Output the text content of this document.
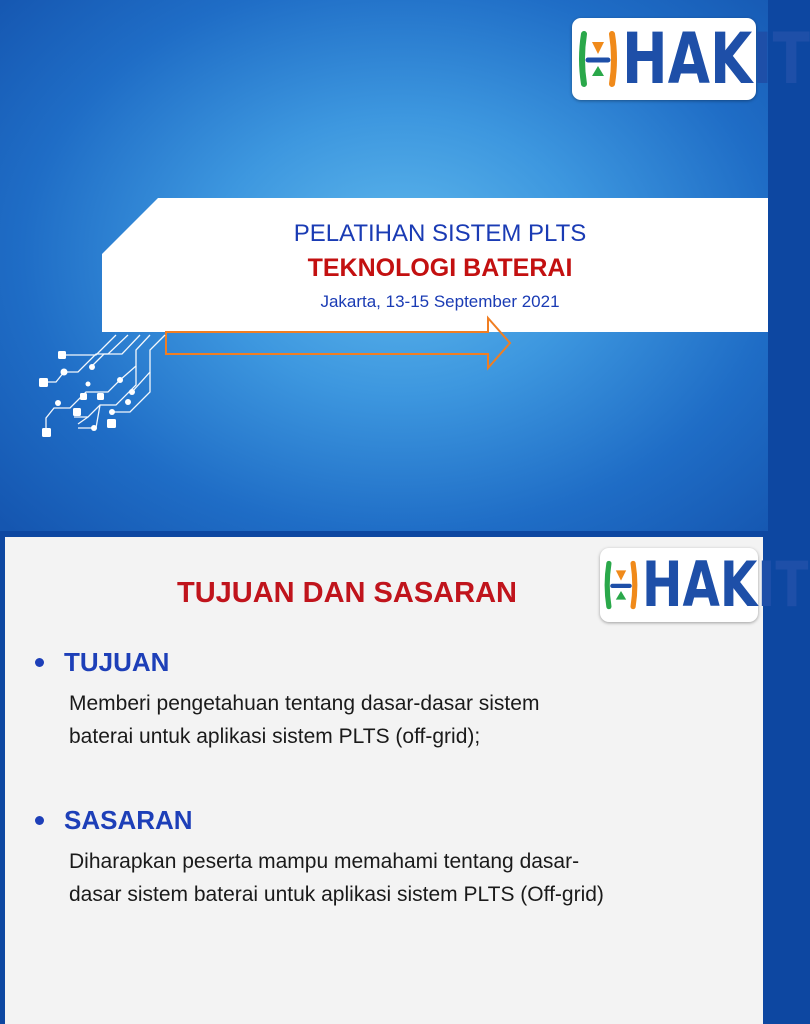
PELATIHAN SISTEM PLTS
TEKNOLOGI BATERAI
Jakarta, 13-15 September 2021
HAKIT
TUJUAN DAN SASARAN
TUJUAN
Memberi pengetahuan tentang dasar-dasar sistem
baterai untuk aplikasi sistem PLTS (off-grid);
SASARAN
Diharapkan peserta mampu memahami tentang dasar-
dasar sistem baterai untuk aplikasi sistem PLTS (Off-grid)
HAKIT
